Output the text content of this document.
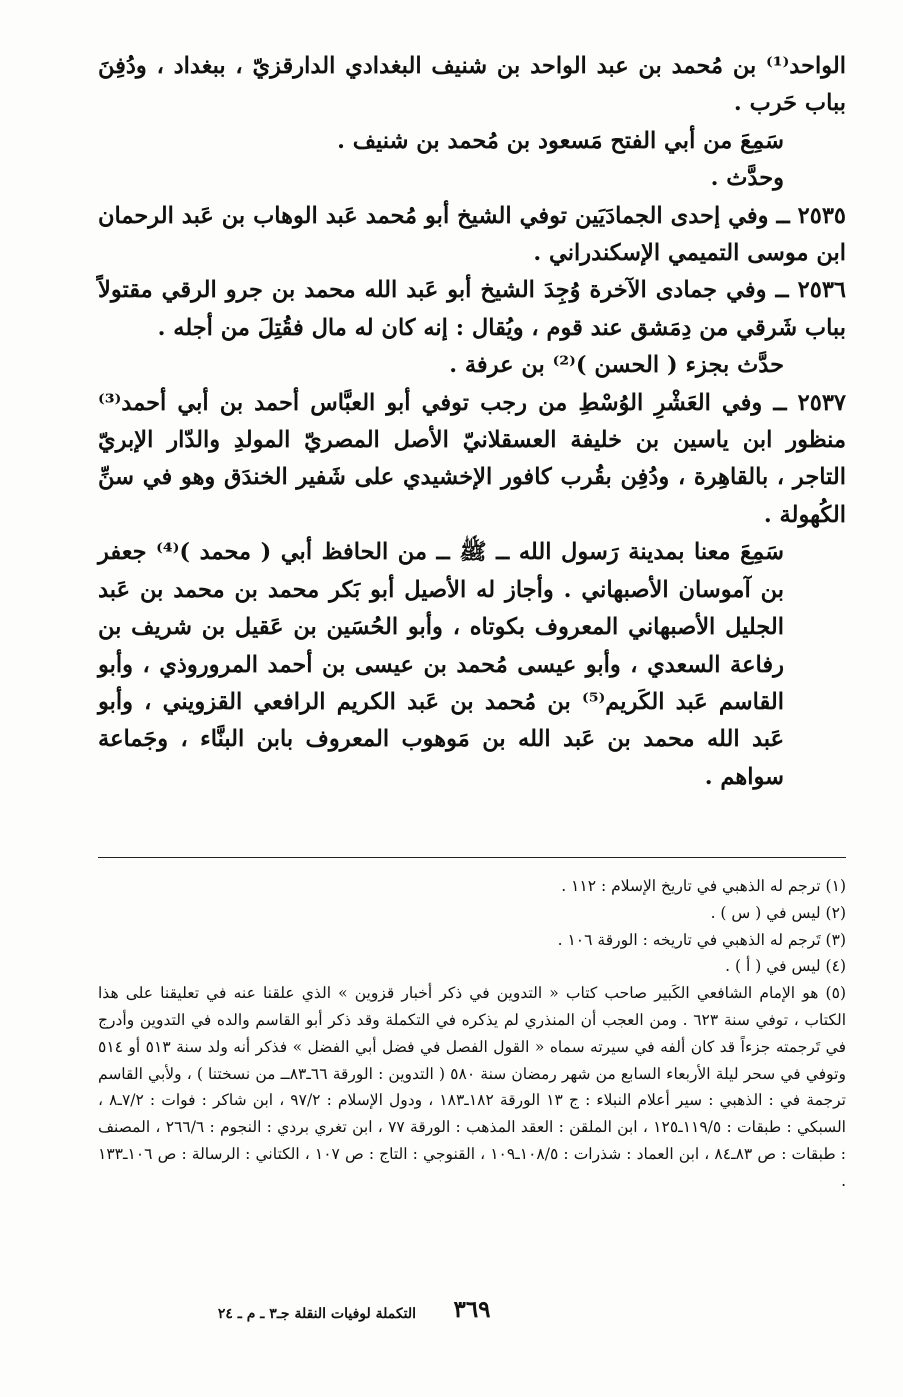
الواحد⁽¹⁾ بن مُحمد بن عبد الواحد بن شنيف البغدادي الدارقزيّ ، ببغداد ، ودُفِنَ بباب حَرب .

سَمِعَ من أبي الفتح مَسعود بن مُحمد بن شنيف .

وحدَّث .

٢٥٣٥ ــ وفي إحدى الجمادَيَين توفي الشيخ أبو مُحمد عَبد الوهاب بن عَبد الرحمان ابن موسى التميمي الإسكندراني .

٢٥٣٦ ــ وفي جمادى الآخرة وُجِدَ الشيخ أبو عَبد الله محمد بن جرو الرقي مقتولاً بباب شَرقي من دِمَشق عند قوم ، ويُقال : إنه كان له مال فقُتِلَ من أجله .

حدَّث بجزء ( الحسن )⁽²⁾ بن عرفة .

٢٥٣٧ ــ وفي العَشْرِ الوُسْطِ من رجب توفي أبو العبَّاس أحمد بن أبي أحمد⁽³⁾ منظور ابن ياسين بن خليفة العسقلانيّ الأصل المصريّ المولدِ والدّار الإبريّ التاجر ، بالقاهِرة ، ودُفِن بقُرب كافور الإخشيدي على شَفير الخندَق وهو في سنِّ الكُهولة .

سَمِعَ معنا بمدينة رَسول الله ــ ﷺ ــ من الحافظ أبي ( محمد )⁽⁴⁾ جعفر بن آموسان الأصبهاني . وأجاز له الأصيل أبو بَكر محمد بن محمد بن عَبد الجليل الأصبهاني المعروف بكوتاه ، وأبو الحُسَين بن عَقيل بن شريف بن رفاعة السعدي ، وأبو عيسى مُحمد بن عيسى بن أحمد المروروذي ، وأبو القاسم عَبد الكَريم⁽⁵⁾ بن مُحمد بن عَبد الكريم الرافعي القزويني ، وأبو عَبد الله محمد بن عَبد الله بن مَوهوب المعروف بابن البنَّاء ، وجَماعة سواهم .

(١) ترجم له الذهبي في تاريخ الإسلام : ١١٢ .

(٢) ليس في ( س ) .

(٣) تَرجم له الذهبي في تاريخه : الورقة ١٠٦ .

(٤) ليس في ( أ ) .

(٥) هو الإمام الشافعي الكَبير صاحب كتاب « التدوين في ذكر أخبار قزوين » الذي علقنا عنه في تعليقنا على هذا الكتاب ، توفي سنة ٦٢٣ . ومن العجب أن المنذري لم يذكره في التكملة وقد ذكر أبو القاسم والده في التدوين وأدرج في تَرجمته جزءاً قد كان ألفه في سيرته سماه « القول الفصل في فضل أبي الفضل » فذكر أنه ولد سنة ٥١٣ أو ٥١٤ وتوفي في سحر ليلة الأربعاء السابع من شهر رمضان سنة ٥٨٠ ( التدوين : الورقة ٦٦ـ٨٣ــ من نسختنا ) ، ولأبي القاسم ترجمة في : الذهبي : سير أعلام النبلاء : ج ١٣ الورقة ١٨٢ـ١٨٣ ، ودول الإسلام : ٩٧/٢ ، ابن شاكر : فوات : ٧/٢ـ٨ ، السبكي : طبقات : ١١٩/٥ـ١٢٥ ، ابن الملقن : العقد المذهب : الورقة ٧٧ ، ابن تغري بردي : النجوم : ٢٦٦/٦ ، المصنف : طبقات : ص ٨٣ـ٨٤ ، ابن العماد : شذرات : ١٠٨/٥ـ١٠٩ ، القنوجي : التاج : ص ١٠٧ ، الكتاني : الرسالة : ص ١٠٦ـ١٣٣ .

٣٦٩
التكملة لوفيات النقلة جـ٣ ـ م ـ ٢٤
